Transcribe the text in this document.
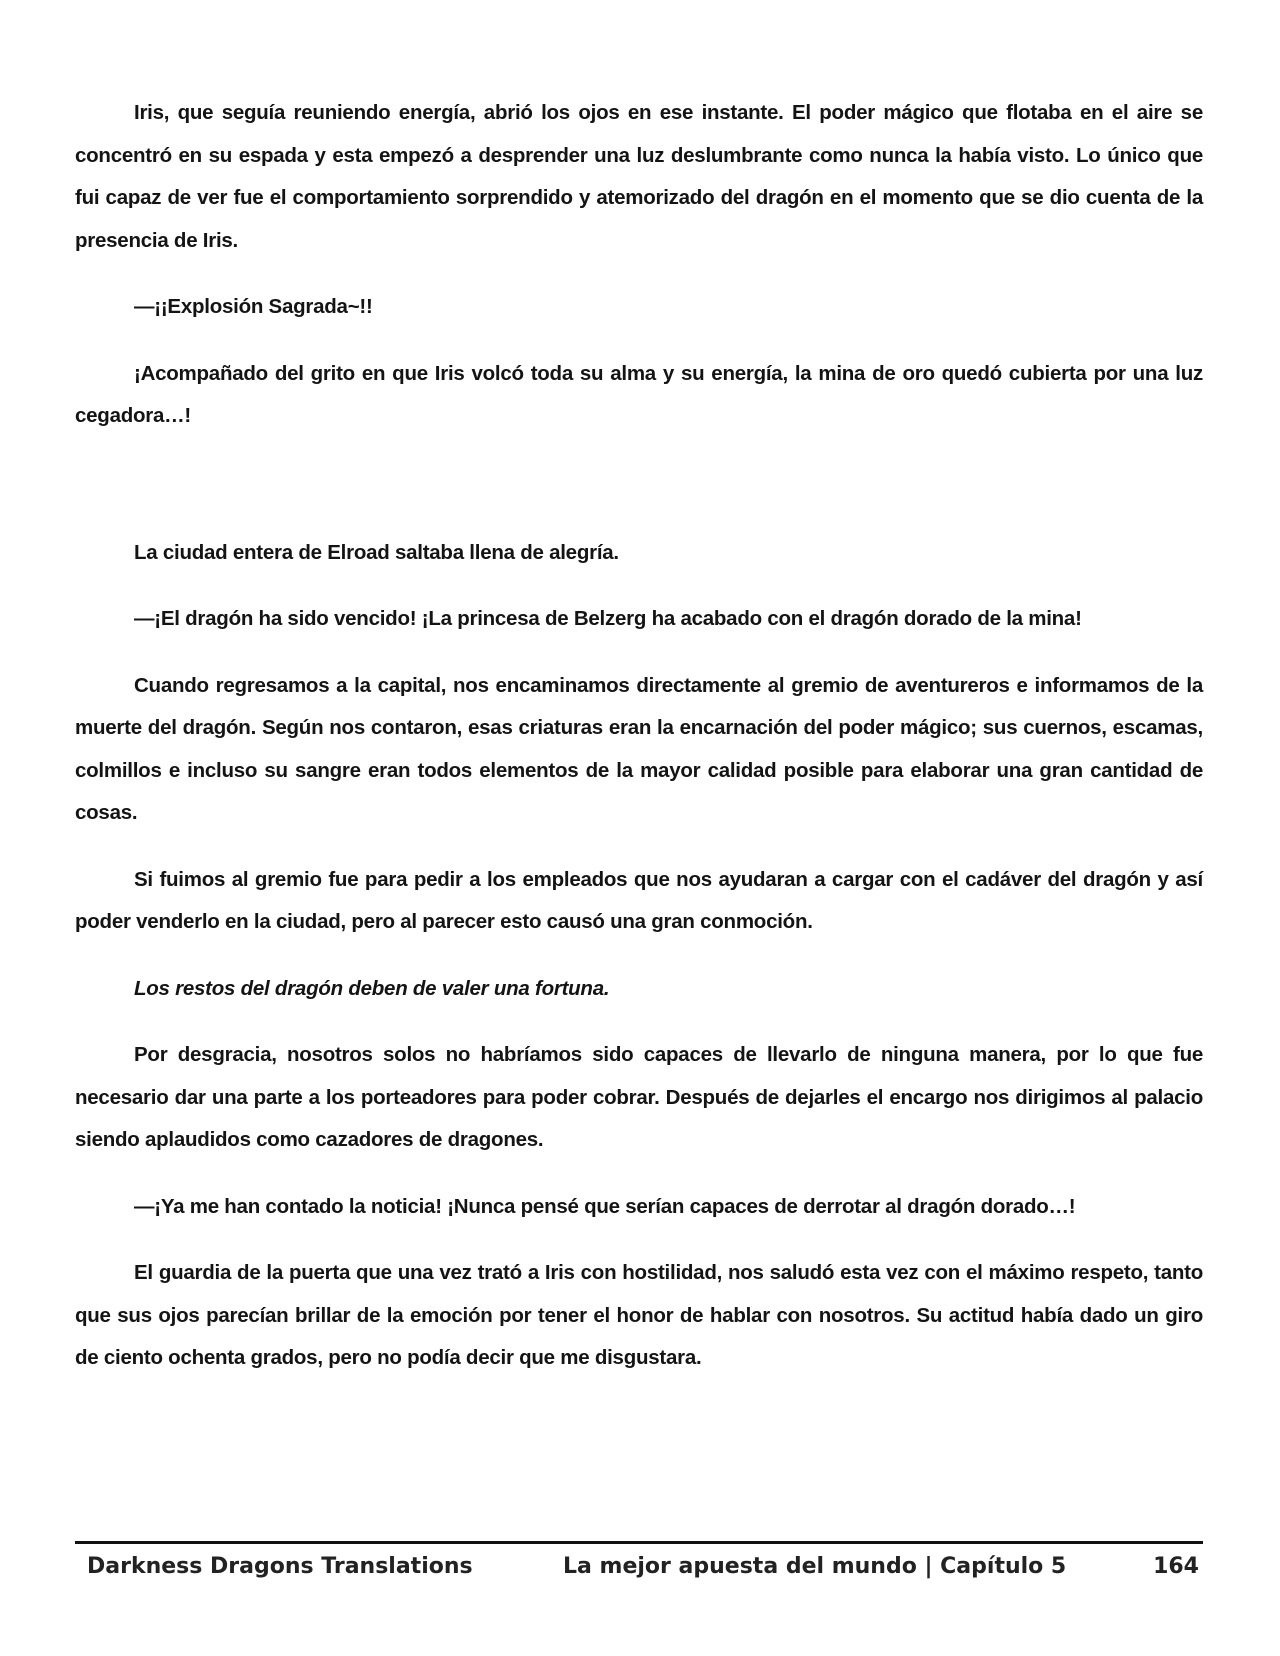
Iris, que seguía reuniendo energía, abrió los ojos en ese instante. El poder mágico que flotaba en el aire se concentró en su espada y esta empezó a desprender una luz deslumbrante como nunca la había visto. Lo único que fui capaz de ver fue el comportamiento sorprendido y atemorizado del dragón en el momento que se dio cuenta de la presencia de Iris.

—¡¡Explosión Sagrada~!!

¡Acompañado del grito en que Iris volcó toda su alma y su energía, la mina de oro quedó cubierta por una luz cegadora…!

La ciudad entera de Elroad saltaba llena de alegría.

—¡El dragón ha sido vencido! ¡La princesa de Belzerg ha acabado con el dragón dorado de la mina!

Cuando regresamos a la capital, nos encaminamos directamente al gremio de aventureros e informamos de la muerte del dragón. Según nos contaron, esas criaturas eran la encarnación del poder mágico; sus cuernos, escamas, colmillos e incluso su sangre eran todos elementos de la mayor calidad posible para elaborar una gran cantidad de cosas.

Si fuimos al gremio fue para pedir a los empleados que nos ayudaran a cargar con el cadáver del dragón y así poder venderlo en la ciudad, pero al parecer esto causó una gran conmoción.

Los restos del dragón deben de valer una fortuna.

Por desgracia, nosotros solos no habríamos sido capaces de llevarlo de ninguna manera, por lo que fue necesario dar una parte a los porteadores para poder cobrar. Después de dejarles el encargo nos dirigimos al palacio siendo aplaudidos como cazadores de dragones.

—¡Ya me han contado la noticia! ¡Nunca pensé que serían capaces de derrotar al dragón dorado…!

El guardia de la puerta que una vez trató a Iris con hostilidad, nos saludó esta vez con el máximo respeto, tanto que sus ojos parecían brillar de la emoción por tener el honor de hablar con nosotros. Su actitud había dado un giro de ciento ochenta grados, pero no podía decir que me disgustara.

Darkness Dragons Translations	La mejor apuesta del mundo | Capítulo 5	164
